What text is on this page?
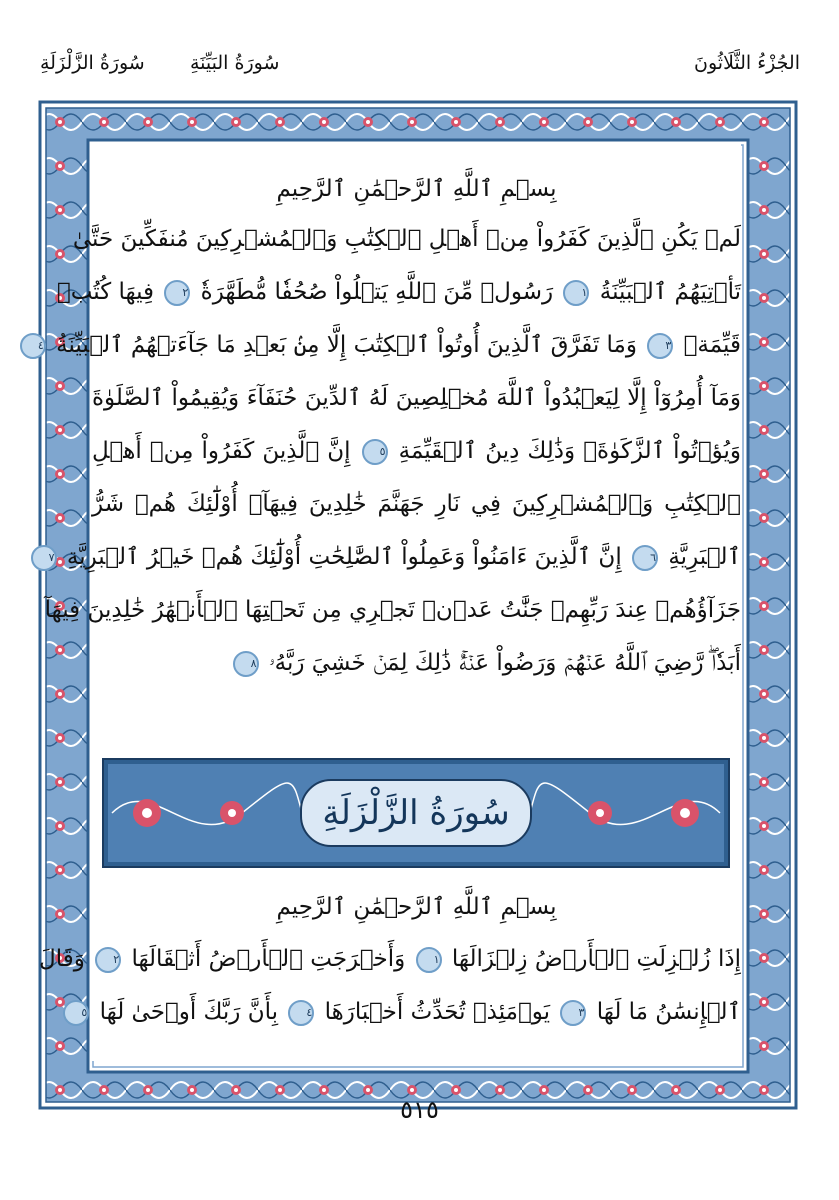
الجُزْءُ الثَّلَاثُونَ
سُورَةُ البَيِّنَةِ
سُورَةُ الزَّلْزَلَةِ
بِسۡمِ ٱللَّهِ ٱلرَّحۡمَٰنِ ٱلرَّحِيمِ
لَمۡ يَكُنِ ٱلَّذِينَ كَفَرُواْ مِنۡ أَهۡلِ ٱلۡكِتَٰبِ وَٱلۡمُشۡرِكِينَ مُنفَكِّينَ حَتَّىٰ
تَأۡتِيَهُمُ ٱلۡبَيِّنَةُ ١ رَسُولٞ مِّنَ ٱللَّهِ يَتۡلُواْ صُحُفٗا مُّطَهَّرَةٗ ٢ فِيهَا كُتُبٞ
قَيِّمَةٞ ٣ وَمَا تَفَرَّقَ ٱلَّذِينَ أُوتُواْ ٱلۡكِتَٰبَ إِلَّا مِنۢ بَعۡدِ مَا جَآءَتۡهُمُ ٱلۡبَيِّنَةُ ٤
وَمَآ أُمِرُوٓاْ إِلَّا لِيَعۡبُدُواْ ٱللَّهَ مُخۡلِصِينَ لَهُ ٱلدِّينَ حُنَفَآءَ وَيُقِيمُواْ ٱلصَّلَوٰةَ
وَيُؤۡتُواْ ٱلزَّكَوٰةَۚ وَذَٰلِكَ دِينُ ٱلۡقَيِّمَةِ ٥ إِنَّ ٱلَّذِينَ كَفَرُواْ مِنۡ أَهۡلِ
ٱلۡكِتَٰبِ وَٱلۡمُشۡرِكِينَ فِي نَارِ جَهَنَّمَ خَٰلِدِينَ فِيهَآۚ أُوْلَٰٓئِكَ هُمۡ شَرُّ
ٱلۡبَرِيَّةِ ٦ إِنَّ ٱلَّذِينَ ءَامَنُواْ وَعَمِلُواْ ٱلصَّٰلِحَٰتِ أُوْلَٰٓئِكَ هُمۡ خَيۡرُ ٱلۡبَرِيَّةِ ٧
جَزَآؤُهُمۡ عِندَ رَبِّهِمۡ جَنَّٰتُ عَدۡنٖ تَجۡرِي مِن تَحۡتِهَا ٱلۡأَنۡهَٰرُ خَٰلِدِينَ فِيهَآ
أَبَدٗاۖ رَّضِيَ ٱللَّهُ عَنۡهُمۡ وَرَضُواْ عَنۡهُۚ ذَٰلِكَ لِمَنۡ خَشِيَ رَبَّهُۥ ٨
بِسۡمِ ٱللَّهِ ٱلرَّحۡمَٰنِ ٱلرَّحِيمِ
إِذَا زُلۡزِلَتِ ٱلۡأَرۡضُ زِلۡزَالَهَا ١ وَأَخۡرَجَتِ ٱلۡأَرۡضُ أَثۡقَالَهَا ٢ وَقَالَ
ٱلۡإِنسَٰنُ مَا لَهَا ٣ يَوۡمَئِذٖ تُحَدِّثُ أَخۡبَارَهَا ٤ بِأَنَّ رَبَّكَ أَوۡحَىٰ لَهَا ٥
سُورَةُ الزَّلْزَلَةِ
٥١٥
